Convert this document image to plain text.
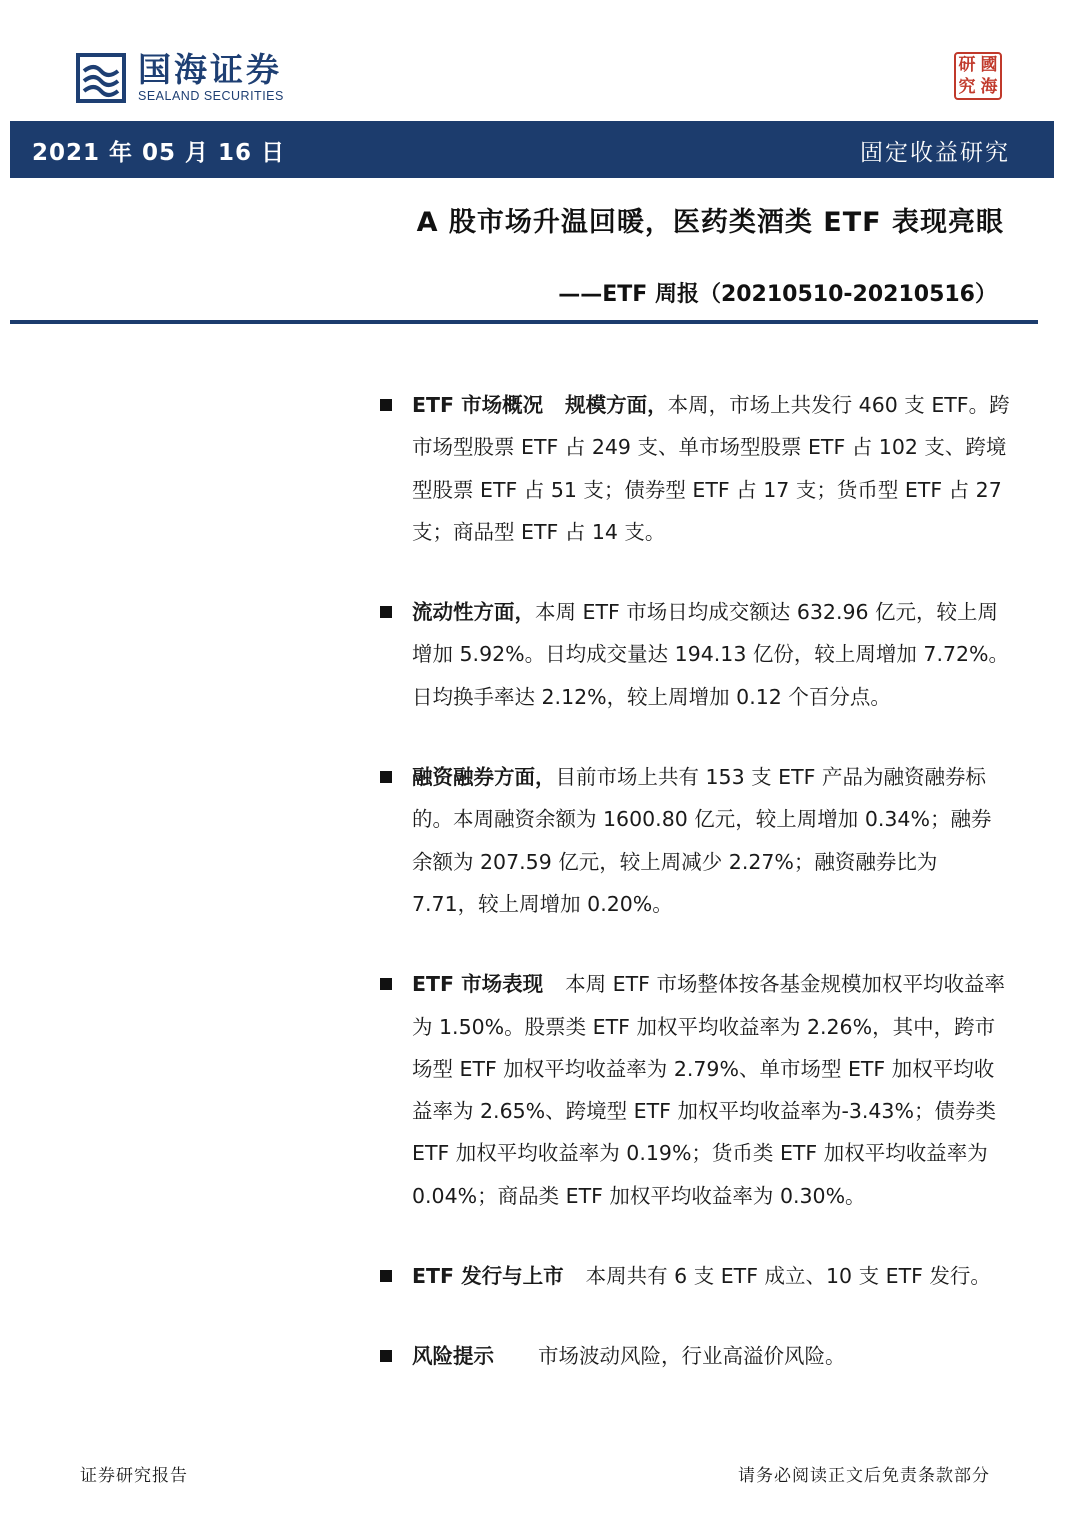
国海证券
SEALAND SECURITIES
研 國
究 海
2021 年 05 月 16 日	固定收益研究
A 股市场升温回暖，医药类酒类 ETF 表现亮眼
——ETF 周报（20210510-20210516）
ETF 市场概况 规模方面，本周，市场上共发行 460 支 ETF。跨市场型股票 ETF 占 249 支、单市场型股票 ETF 占 102 支、跨境型股票 ETF 占 51 支；债券型 ETF 占 17 支；货币型 ETF 占 27 支；商品型 ETF 占 14 支。
流动性方面，本周 ETF 市场日均成交额达 632.96 亿元，较上周增加 5.92%。日均成交量达 194.13 亿份，较上周增加 7.72%。日均换手率达 2.12%，较上周增加 0.12 个百分点。
融资融券方面，目前市场上共有 153 支 ETF 产品为融资融券标的。本周融资余额为 1600.80 亿元，较上周增加 0.34%；融券余额为 207.59 亿元，较上周减少 2.27%；融资融券比为 7.71，较上周增加 0.20%。
ETF 市场表现 本周 ETF 市场整体按各基金规模加权平均收益率为 1.50%。股票类 ETF 加权平均收益率为 2.26%，其中，跨市场型 ETF 加权平均收益率为 2.79%、单市场型 ETF 加权平均收益率为 2.65%、跨境型 ETF 加权平均收益率为-3.43%；债券类 ETF 加权平均收益率为 0.19%；货币类 ETF 加权平均收益率为 0.04%；商品类 ETF 加权平均收益率为 0.30%。
ETF 发行与上市 本周共有 6 支 ETF 成立、10 支 ETF 发行。
风险提示 市场波动风险，行业高溢价风险。
证券研究报告	请务必阅读正文后免责条款部分
